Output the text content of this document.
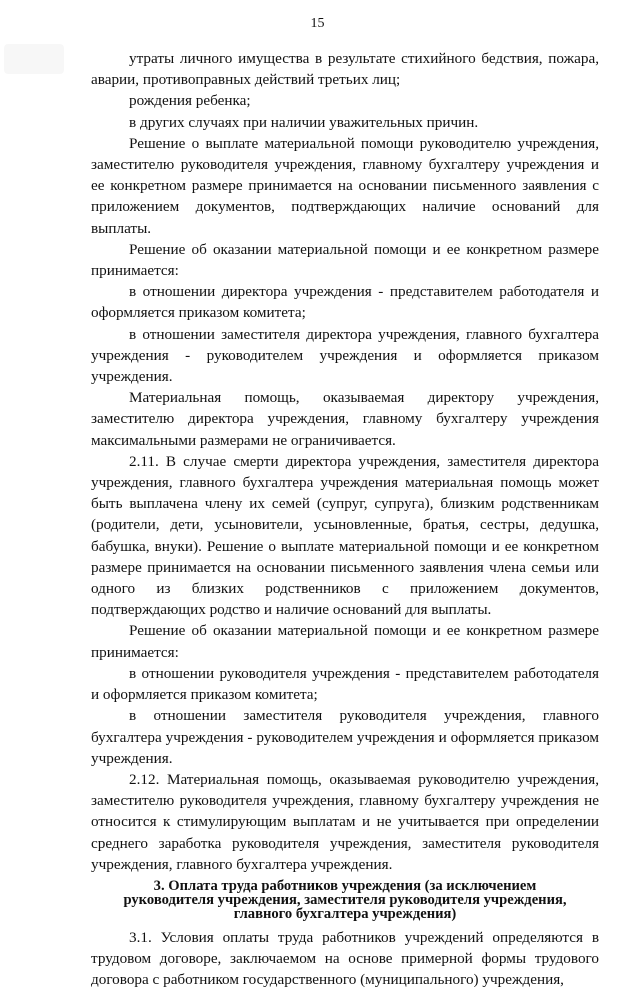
15

утраты личного имущества в результате стихийного бедствия, пожара, аварии, противоправных действий третьих лиц;

рождения ребенка;

в других случаях при наличии уважительных причин.

Решение о выплате материальной помощи руководителю учреждения, заместителю руководителя учреждения, главному бухгалтеру учреждения и ее конкретном размере принимается на основании письменного заявления с приложением документов, подтверждающих наличие оснований для выплаты.

Решение об оказании материальной помощи и ее конкретном размере принимается:

в отношении директора учреждения - представителем работодателя и оформляется приказом комитета;

в отношении заместителя директора учреждения, главного бухгалтера учреждения - руководителем учреждения и оформляется приказом учреждения.

Материальная помощь, оказываемая директору учреждения, заместителю директора учреждения, главному бухгалтеру учреждения максимальными размерами не ограничивается.

2.11. В случае смерти директора учреждения, заместителя директора учреждения, главного бухгалтера учреждения материальная помощь может быть выплачена члену их семей (супруг, супруга), близким родственникам (родители, дети, усыновители, усыновленные, братья, сестры, дедушка, бабушка, внуки). Решение о выплате материальной помощи и ее конкретном размере принимается на основании письменного заявления члена семьи или одного из близких родственников с приложением документов, подтверждающих родство и наличие оснований для выплаты.

Решение об оказании материальной помощи и ее конкретном размере принимается:

в отношении руководителя учреждения - представителем работодателя и оформляется приказом комитета;

в отношении заместителя руководителя учреждения, главного бухгалтера учреждения - руководителем учреждения и оформляется приказом учреждения.

2.12. Материальная помощь, оказываемая руководителю учреждения, заместителю руководителя учреждения, главному бухгалтеру учреждения не относится к стимулирующим выплатам и не учитывается при определении среднего заработка руководителя учреждения, заместителя руководителя учреждения, главного бухгалтера учреждения.

3. Оплата труда работников учреждения (за исключением
руководителя учреждения, заместителя руководителя учреждения,
главного бухгалтера учреждения)

3.1. Условия оплаты труда работников учреждений определяются в трудовом договоре, заключаемом на основе примерной формы трудового договора с работником государственного (муниципального) учреждения,
